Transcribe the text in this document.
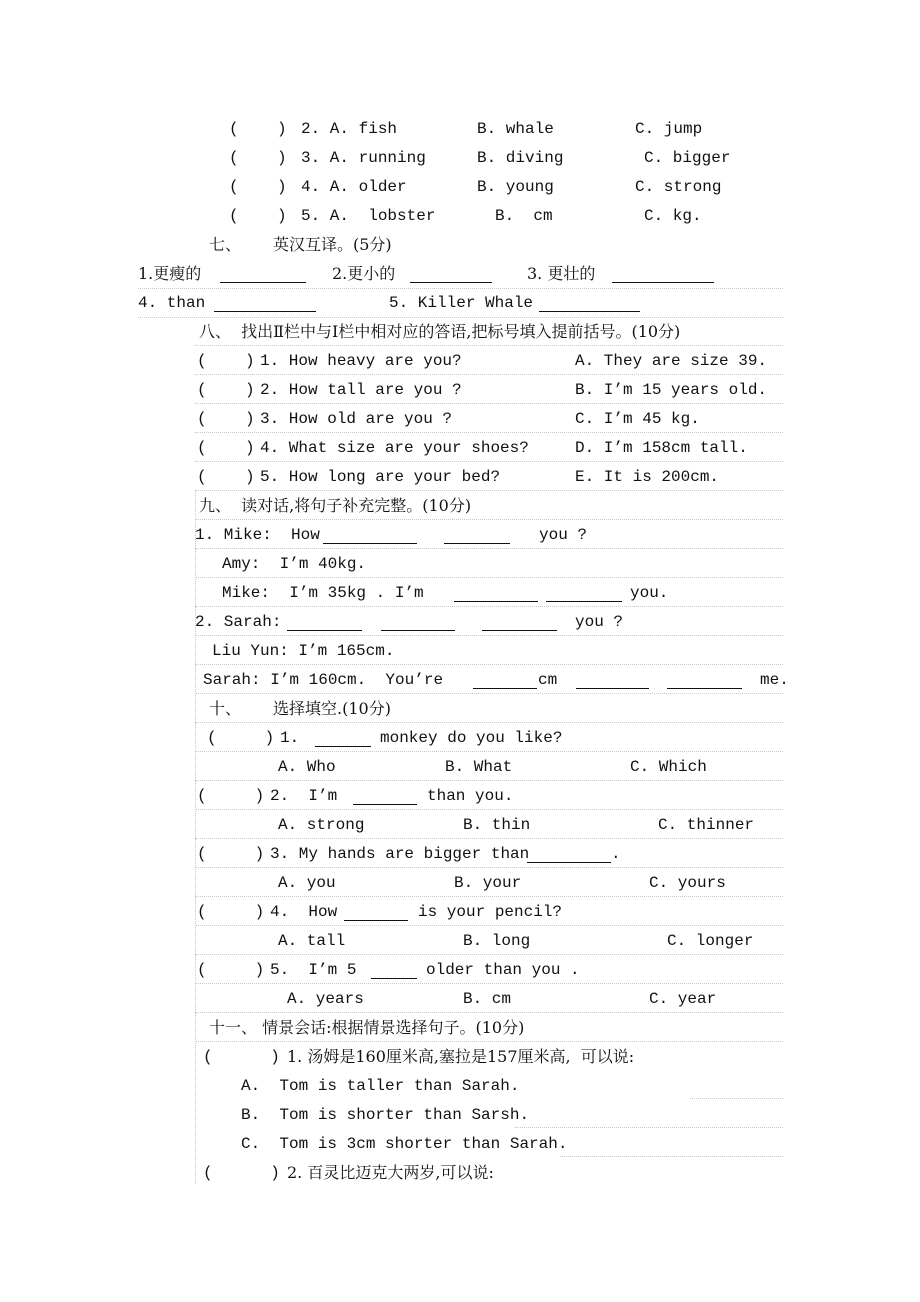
(    ) 2. A. fish	B. whale	C. jump
(    ) 3. A. running	B. diving	C. bigger
(    ) 4. A. older	B. young	C. strong
(    ) 5. A.  lobster	B.  cm	C. kg.
七、 英汉互译。(5分)
1.更瘦的	2.更小的	3. 更壮的
4. than	5. Killer Whale
八、  找出Ⅱ栏中与Ⅰ栏中相对应的答语,把标号填入提前括号。(10分)
(    ) 1. How heavy are you?	A. They are size 39.
(    ) 2. How tall are you ?	B. I’m 15 years old.
(    ) 3. How old are you ?	C. I’m 45 kg.
(    ) 4. What size are your shoes?	D. I’m 158cm tall.
(    ) 5. How long are your bed?	E. It is 200cm.
九、  读对话,将句子补充完整。(10分)
1. Mike:  How	you ?
Amy:  I’m 40kg.
Mike:  I’m 35kg . I’m	you.
2. Sarah:	you ?
Liu Yun: I’m 165cm.
Sarah: I’m 160cm.  You’re	cm	me.
十、 选择填空.(10分)
(     ) 1.	monkey do you like?
A. Who	B. What	C. Which
(     ) 2.  I’m	than you.
A. strong	B. thin	C. thinner
(     ) 3. My hands are bigger than	.
A. you	B. your	C. yours
(     ) 4.  How	is your pencil?
A. tall	B. long	C. longer
(     ) 5.  I’m 5	older than you .
A. years	B. cm	C. year
十一、 情景会话:根据情景选择句子。(10分)
(      ) 1. 汤姆是160厘米高,塞拉是157厘米高,  可以说:
A.  Tom is taller than Sarah.
B.  Tom is shorter than Sarsh.
C.  Tom is 3cm shorter than Sarah.
(      ) 2. 百灵比迈克大两岁,可以说:
